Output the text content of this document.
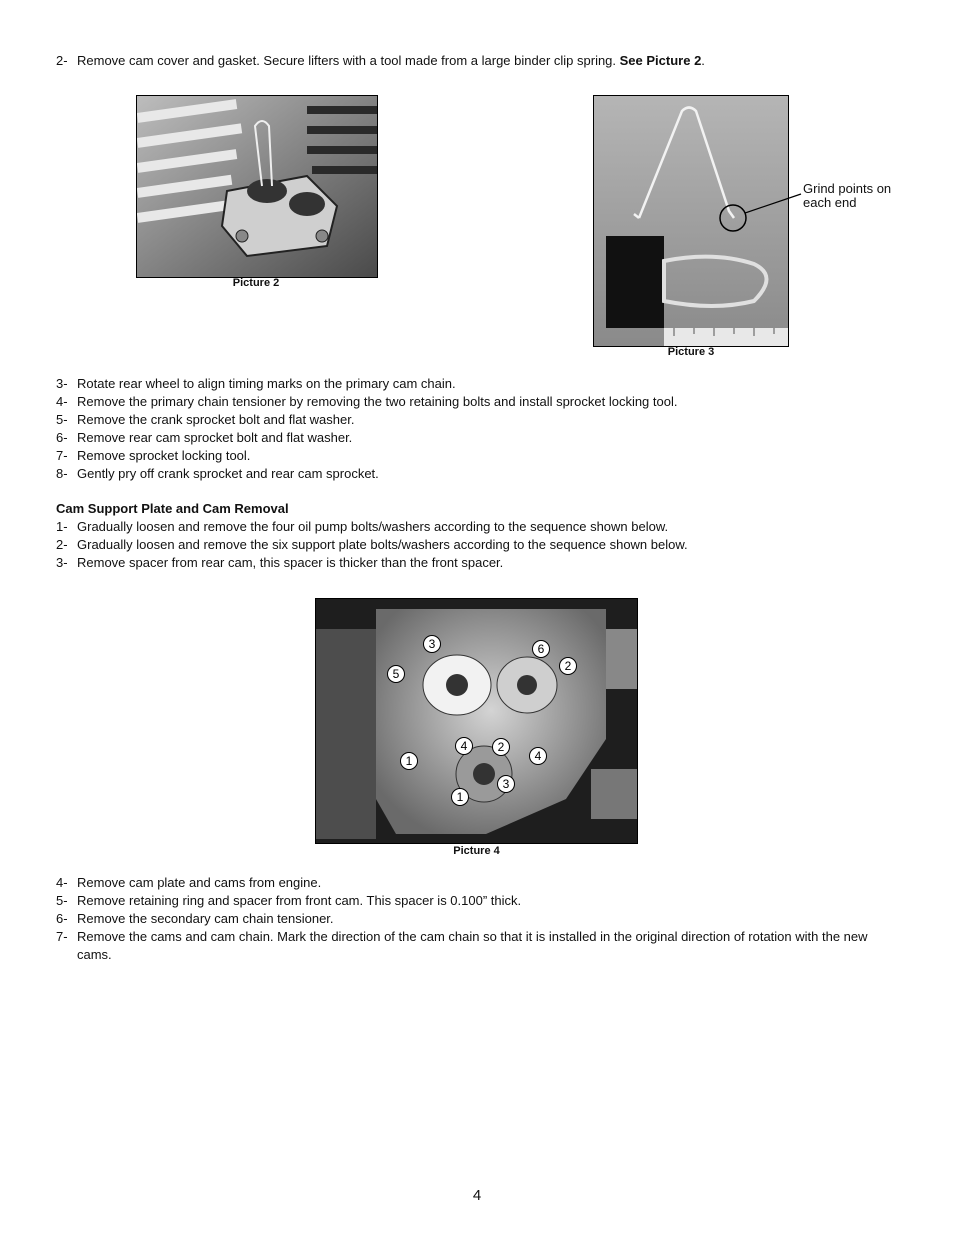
2- Remove cam cover and gasket. Secure lifters with a tool made from a large binder clip spring. See Picture 2.
Picture 2
Grind points on each end
Picture 3
3- Rotate rear wheel to align timing marks on the primary cam chain.
4- Remove the primary chain tensioner by removing the two retaining bolts and install sprocket locking tool.
5- Remove the crank sprocket bolt and flat washer.
6- Remove rear cam sprocket bolt and flat washer.
7- Remove sprocket locking tool.
8- Gently pry off crank sprocket and rear cam sprocket.
Cam Support Plate and Cam Removal
1- Gradually loosen and remove the four oil pump bolts/washers according to the sequence shown below.
2- Gradually loosen and remove the six support plate bolts/washers according to the sequence shown below.
3- Remove spacer from rear cam, this spacer is thicker than the front spacer.
3	6
2
5
4	2
4
1
3
1
Picture 4
4- Remove cam plate and cams from engine.
5- Remove retaining ring and spacer from front cam. This spacer is 0.100” thick.
6- Remove the secondary cam chain tensioner.
7- Remove the cams and cam chain. Mark the direction of the cam chain so that it is installed in the original direction of rotation with the new cams.
4
